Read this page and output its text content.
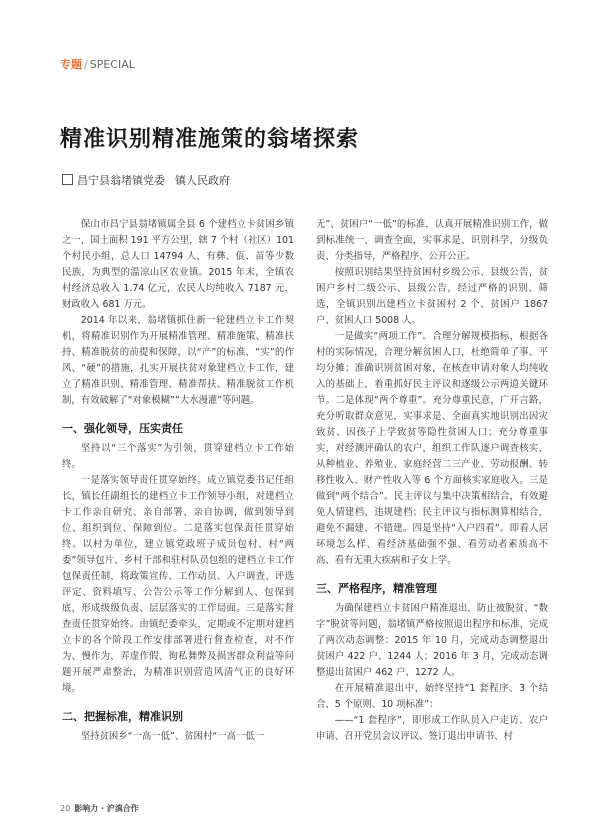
专题 / SPECIAL
精准识别精准施策的翁堵探索
昌宁县翁堵镇党委 镇人民政府

保山市昌宁县翁堵镇属全县 6 个建档立卡贫困乡镇之一，国土面积 191 平方公里，辖 7 个村（社区）101 个村民小组，总人口 14794 人，有彝、佤、苗等少数民族，为典型的温凉山区农业镇。2015 年末，全镇农村经济总收入 1.74 亿元，农民人均纯收入 7187 元，财政收入 681 万元。

2014 年以来，翁堵镇抓住新一轮建档立卡工作契机，将精准识别作为开展精准管理、精准施策、精准扶持、精准脱贫的前提和保障，以“产”的标准、“实”的作风、“硬”的措施，扎实开展扶贫对象建档立卡工作，建立了精准识别、精准管理、精准帮扶、精准脱贫工作机制，有效破解了“对象模糊”“大水漫灌”等问题。

一、强化领导，压实责任

坚持以“三个落实”为引领，贯穿建档立卡工作始终。

一是落实领导责任贯穿始终。成立镇党委书记任组长，镇长任副组长的建档立卡工作领导小组，对建档立卡工作亲自研究、亲自部署、亲自协调，做到领导到位、组织到位、保障到位。二是落实包保责任贯穿始终。以村为单位，建立镇党政班子成员包村、村“两委”领导包片、乡村干部和驻村队员包组的建档立卡工作包保责任制，将政策宣传、工作动员、入户调查、评选评定、资料填写、公告公示等工作分解到人、包保到底，形成级级负责、层层落实的工作局面。三是落实督查责任贯穿始终。由镇纪委牵头，定期或不定期对建档立卡的各个阶段工作安排部署进行督查检查，对不作为、慢作为，弄虚作假、徇私舞弊及损害群众利益等问题开展严肃整治，为精准识别营造风清气正的良好环境。

二、把握标准，精准识别

坚持贫困乡“一高一低”、贫困村“一高一低一

无”、贫困户“一低”的标准，认真开展精准识别工作，做到标准统一、调查全面，实事求是、识别科学，分级负责、分类指导，严格程序、公开公正。

按照识别结果坚持贫困村乡级公示、县级公告，贫困户乡村二级公示、县级公告，经过严格的识别、筛选，全镇识别出建档立卡贫困村 2 个、贫困户 1867 户、贫困人口 5008 人。

一是做实“两项工作”。合理分解规模指标，根据各村的实际情况，合理分解贫困人口，杜绝简单了事、平均分摊；准确识别贫困对象，在核查申请对象人均纯收入的基础上，着重抓好民主评议和逐级公示两道关键环节。二是体现“两个尊重”。充分尊重民意，广开言路，充分听取群众意见，实事求是、全面真实地识别出因灾致贫、因孩子上学致贫等隐性贫困人口；充分尊重事实，对经测评确认的农户，组织工作队逐户调查核实，从种植业、养殖业、家庭经营二三产业、劳动报酬、转移性收入、财产性收入等 6 个方面核实家庭收入。三是做到“两个结合”。民主评议与集中决策相结合，有效避免人情建档、违规建档；民主评议与指标测算相结合，避免不漏建、不错建。四是坚持“入户四看”。即看人居环境怎么样、看经济基础强不强、看劳动者素质高不高、看有无重大疾病和子女上学。

三、严格程序，精准管理

为确保建档立卡贫困户精准退出，防止被脱贫、“数字”脱贫等问题，翁堵镇严格按照退出程序和标准，完成了两次动态调整：2015 年 10 月，完成动态调整退出贫困户 422 户、1244 人；2016 年 3 月，完成动态调整退出贫困户 462 户、1272 人。

在开展精准退出中，始终坚持“1 套程序、3 个结合、5 个原则、10 项标准”：

——“1 套程序”，即形成工作队员入户走访、农户申请、召开党员会议评议、签订退出申请书、村

20 影响力 · 沪滇合作
